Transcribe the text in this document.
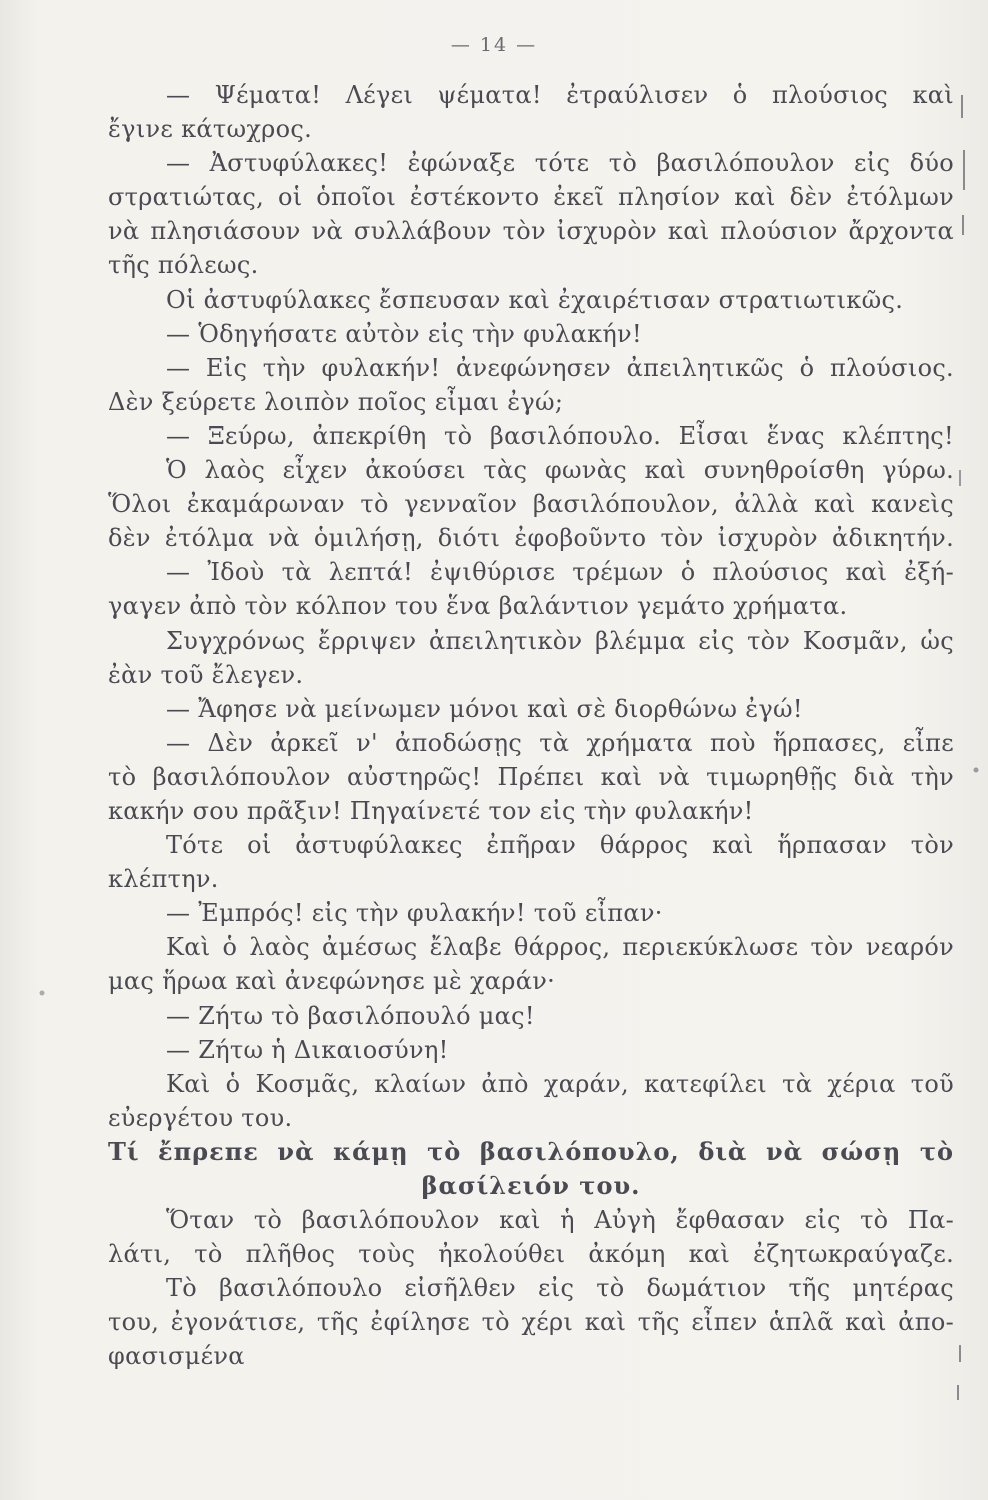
— 14 —
— Ψέματα! Λέγει ψέματα! ἐτραύλισεν ὁ πλούσιος καὶ
ἔγινε κάτωχρος.
— Ἀστυφύλακες! ἐφώναξε τότε τὸ βασιλόπουλον εἰς δύο
στρατιώτας, οἱ ὁποῖοι ἐστέκοντο ἐκεῖ πλησίον καὶ δὲν ἐτόλμων
νὰ πλησιάσουν νὰ συλλάβουν τὸν ἰσχυρὸν καὶ πλούσιον ἄρχοντα
τῆς πόλεως.
Οἱ ἀστυφύλακες ἔσπευσαν καὶ ἐχαιρέτισαν στρατιωτικῶς.
— Ὁδηγήσατε αὐτὸν εἰς τὴν φυλακήν!
— Εἰς τὴν φυλακήν! ἀνεφώνησεν ἀπειλητικῶς ὁ πλούσιος.
Δὲν ξεύρετε λοιπὸν ποῖος εἶμαι ἐγώ;
— Ξεύρω, ἀπεκρίθη τὸ βασιλόπουλο. Εἶσαι ἕνας κλέπτης!
Ὁ λαὸς εἶχεν ἀκούσει τὰς φωνὰς καὶ συνηθροίσθη γύρω.
Ὅλοι ἐκαμάρωναν τὸ γενναῖον βασιλόπουλον, ἀλλὰ καὶ κανεὶς
δὲν ἐτόλμα νὰ ὁμιλήσῃ, διότι ἐφοβοῦντο τὸν ἰσχυρὸν ἀδικητήν.
— Ἰδοὺ τὰ λεπτά! ἐψιθύρισε τρέμων ὁ πλούσιος καὶ ἐξή-
γαγεν ἀπὸ τὸν κόλπον του ἕνα βαλάντιον γεμάτο χρήματα.
Συγχρόνως ἔρριψεν ἀπειλητικὸν βλέμμα εἰς τὸν Κοσμᾶν, ὡς
ἐὰν τοῦ ἔλεγεν.
— Ἄφησε νὰ μείνωμεν μόνοι καὶ σὲ διορθώνω ἐγώ!
— Δὲν ἀρκεῖ ν' ἀποδώσῃς τὰ χρήματα ποὺ ἥρπασες, εἶπε
τὸ βασιλόπουλον αὐστηρῶς! Πρέπει καὶ νὰ τιμωρηθῇς διὰ τὴν
κακήν σου πρᾶξιν! Πηγαίνετέ τον εἰς τὴν φυλακήν!
Τότε οἱ ἀστυφύλακες ἐπῆραν θάρρος καὶ ἥρπασαν τὸν
κλέπτην.
— Ἐμπρός! εἰς τὴν φυλακήν! τοῦ εἶπαν·
Καὶ ὁ λαὸς ἀμέσως ἔλαβε θάρρος, περιεκύκλωσε τὸν νεαρόν
μας ἥρωα καὶ ἀνεφώνησε μὲ χαράν·
— Ζήτω τὸ βασιλόπουλό μας!
— Ζήτω ἡ Δικαιοσύνη!
Καὶ ὁ Κοσμᾶς, κλαίων ἀπὸ χαράν, κατεφίλει τὰ χέρια τοῦ
εὐεργέτου του.
Τί ἔπρεπε νὰ κάμῃ τὸ βασιλόπουλο, διὰ νὰ σώσῃ τὸ
βασίλειόν του.
Ὅταν τὸ βασιλόπουλον καὶ ἡ Αὐγὴ ἔφθασαν εἰς τὸ Πα-
λάτι, τὸ πλῆθος τοὺς ἠκολούθει ἀκόμη καὶ ἐζητωκραύγαζε.
Τὸ βασιλόπουλο εἰσῆλθεν εἰς τὸ δωμάτιον τῆς μητέρας
του, ἐγονάτισε, τῆς ἐφίλησε τὸ χέρι καὶ τῆς εἶπεν ἁπλᾶ καὶ ἀπο-
φασισμένα
